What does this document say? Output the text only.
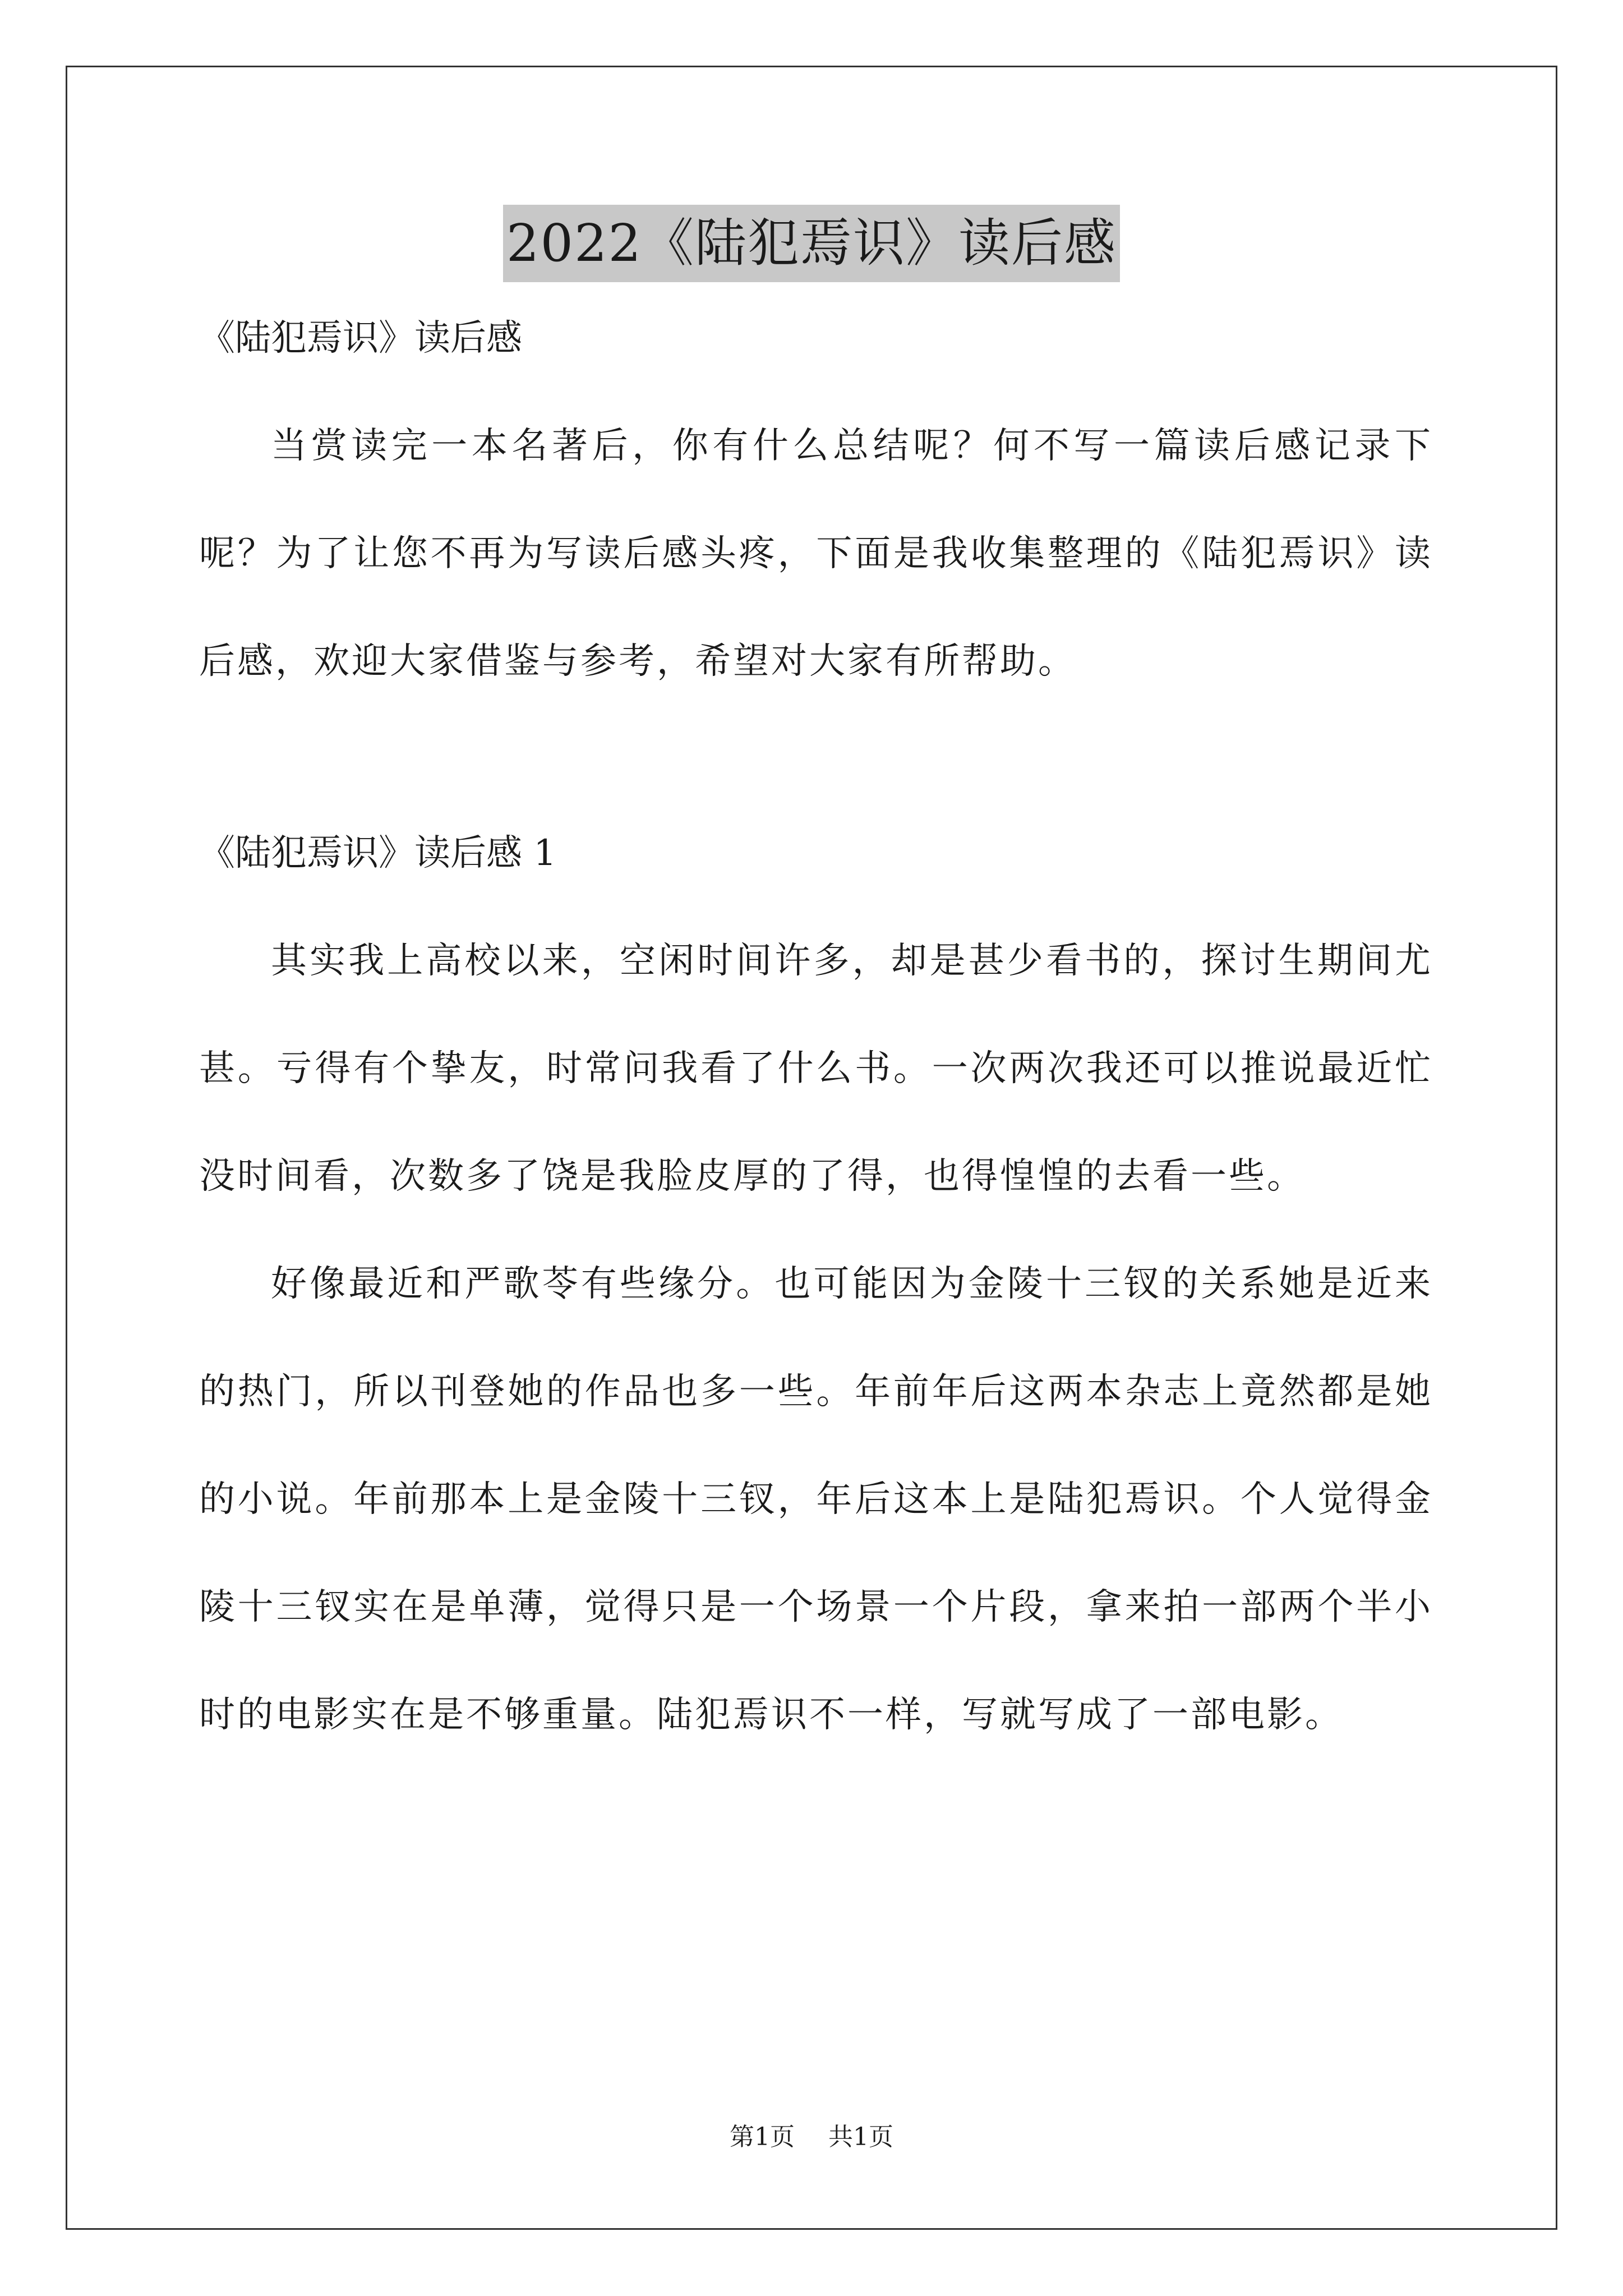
2022《陆犯焉识》读后感

《陆犯焉识》读后感

当赏读完一本名著后，你有什么总结呢？何不写一篇读后感记录下呢？为了让您不再为写读后感头疼，下面是我收集整理的《陆犯焉识》读后感，欢迎大家借鉴与参考，希望对大家有所帮助。

《陆犯焉识》读后感 1

其实我上高校以来，空闲时间许多，却是甚少看书的，探讨生期间尤甚。亏得有个挚友，时常问我看了什么书。一次两次我还可以推说最近忙没时间看，次数多了饶是我脸皮厚的了得，也得惶惶的去看一些。

好像最近和严歌苓有些缘分。也可能因为金陵十三钗的关系她是近来的热门，所以刊登她的作品也多一些。年前年后这两本杂志上竟然都是她的小说。年前那本上是金陵十三钗，年后这本上是陆犯焉识。个人觉得金陵十三钗实在是单薄，觉得只是一个场景一个片段，拿来拍一部两个半小时的电影实在是不够重量。陆犯焉识不一样，写就写成了一部电影。

第1页 共1页
